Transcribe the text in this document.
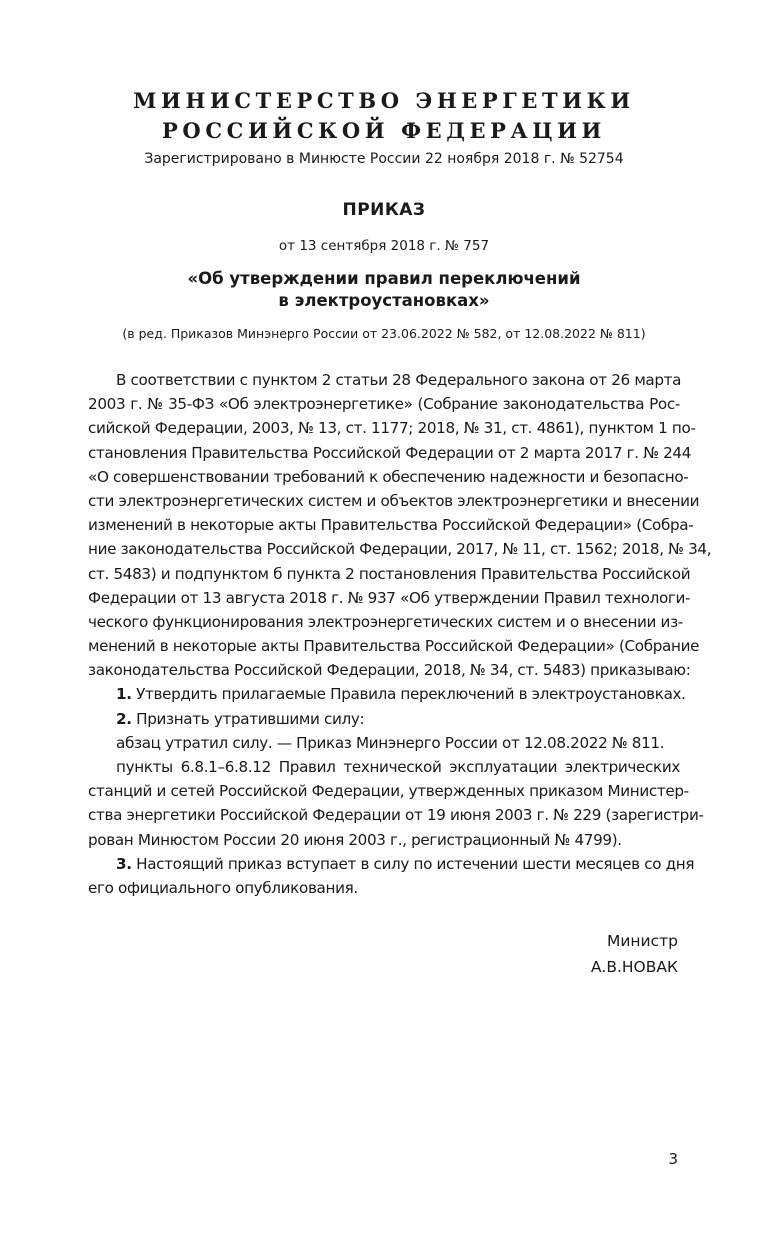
МИНИСТЕРСТВО ЭНЕРГЕТИКИ
РОССИЙСКОЙ ФЕДЕРАЦИИ
Зарегистрировано в Минюсте России 22 ноября 2018 г. № 52754
ПРИКАЗ
от 13 сентября 2018 г. № 757
«Об утверждении правил переключений
в электроустановках»
(в ред. Приказов Минэнерго России от 23.06.2022 № 582, от 12.08.2022 № 811)
В соответствии с пунктом 2 статьи 28 Федерального закона от 26 марта
2003 г. № 35-ФЗ «Об электроэнергетике» (Собрание законодательства Рос-
сийской Федерации, 2003, № 13, ст. 1177; 2018, № 31, ст. 4861), пунктом 1 по-
становления Правительства Российской Федерации от 2 марта 2017 г. № 244
«О совершенствовании требований к обеспечению надежности и безопасно-
сти электроэнергетических систем и объектов электроэнергетики и внесении
изменений в некоторые акты Правительства Российской Федерации» (Собра-
ние законодательства Российской Федерации, 2017, № 11, ст. 1562; 2018, № 34,
ст. 5483) и подпунктом б пункта 2 постановления Правительства Российской
Федерации от 13 августа 2018 г. № 937 «Об утверждении Правил технологи-
ческого функционирования электроэнергетических систем и о внесении из-
менений в некоторые акты Правительства Российской Федерации» (Собрание
законодательства Российской Федерации, 2018, № 34, ст. 5483) приказываю:
1. Утвердить прилагаемые Правила переключений в электроустановках.
2. Признать утратившими силу:
абзац утратил силу. — Приказ Минэнерго России от 12.08.2022 № 811.
пункты 6.8.1–6.8.12 Правил технической эксплуатации электрических
станций и сетей Российской Федерации, утвержденных приказом Министер-
ства энергетики Российской Федерации от 19 июня 2003 г. № 229 (зарегистри-
рован Минюстом России 20 июня 2003 г., регистрационный № 4799).
3. Настоящий приказ вступает в силу по истечении шести месяцев со дня
его официального опубликования.
Министр
А.В.НОВАК
3
